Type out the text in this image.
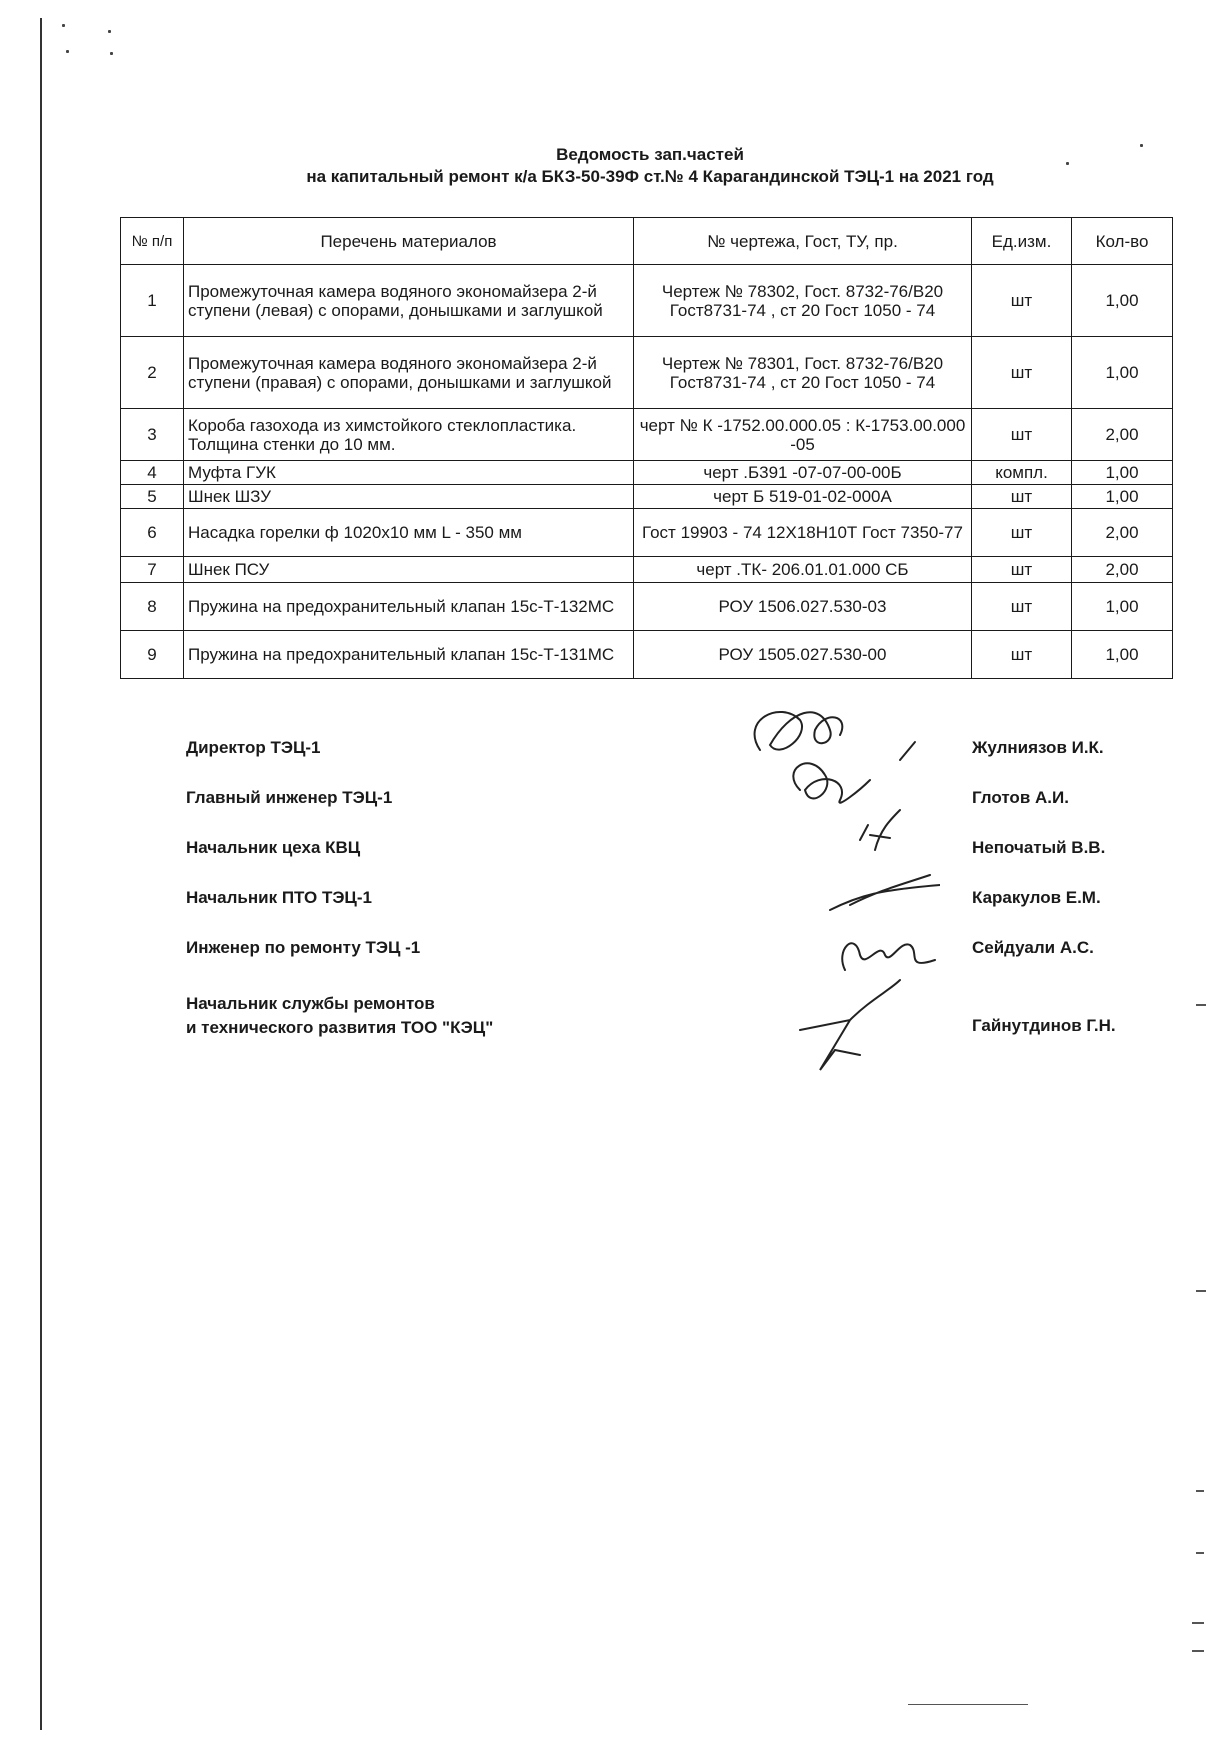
Ведомость зап.частей
на капитальный ремонт к/а БКЗ-50-39Ф ст.№ 4 Карагандинской ТЭЦ-1 на 2021 год
№ п/п	Перечень материалов	№ чертежа, Гост, ТУ, пр.	Ед.изм.	Кол-во
1	Промежуточная камера водяного экономайзера 2-й ступени (левая) с опорами, донышками и заглушкой	Чертеж № 78302, Гост. 8732-76/В20 Гост8731-74 , ст 20 Гост 1050 - 74	шт	1,00
2	Промежуточная камера водяного экономайзера 2-й ступени (правая) с опорами, донышками и заглушкой	Чертеж № 78301, Гост. 8732-76/В20 Гост8731-74 , ст 20 Гост 1050 - 74	шт	1,00
3	Короба газохода из химстойкого стеклопластика. Толщина стенки до 10 мм.	черт № К -1752.00.000.05 : К-1753.00.000 -05	шт	2,00
4	Муфта ГУК	черт .Б391 -07-07-00-00Б	компл.	1,00
5	Шнек ШЗУ	черт Б 519-01-02-000А	шт	1,00
6	Насадка горелки ф 1020х10 мм L - 350 мм	Гост 19903 - 74 12Х18Н10Т Гост 7350-77	шт	2,00
7	Шнек ПСУ	черт .ТК- 206.01.01.000 СБ	шт	2,00
8	Пружина на предохранительный клапан 15с-Т-132МС	РОУ 1506.027.530-03	шт	1,00
9	Пружина на предохранительный клапан 15с-Т-131МС	РОУ 1505.027.530-00	шт	1,00
Директор ТЭЦ-1	Жулниязов И.К.
Главный инженер ТЭЦ-1	Глотов А.И.
Начальник цеха КВЦ	Непочатый В.В.
Начальник ПТО ТЭЦ-1	Каракулов Е.М.
Инженер по ремонту ТЭЦ -1	Сейдуали А.С.
Начальник службы ремонтов
и технического развития ТОО "КЭЦ"	Гайнутдинов Г.Н.
